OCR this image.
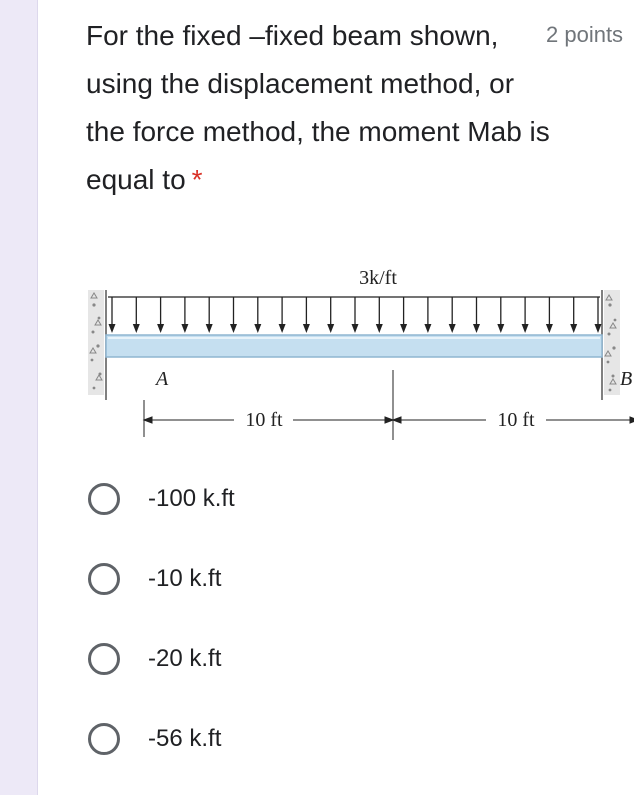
For the fixed –fixed beam shown, using the displacement method, or the force method, the moment Mab is equal to *
2 points
3k/ft
A	B
10 ft	10 ft
-100 k.ft
-10 k.ft
-20 k.ft
-56 k.ft
